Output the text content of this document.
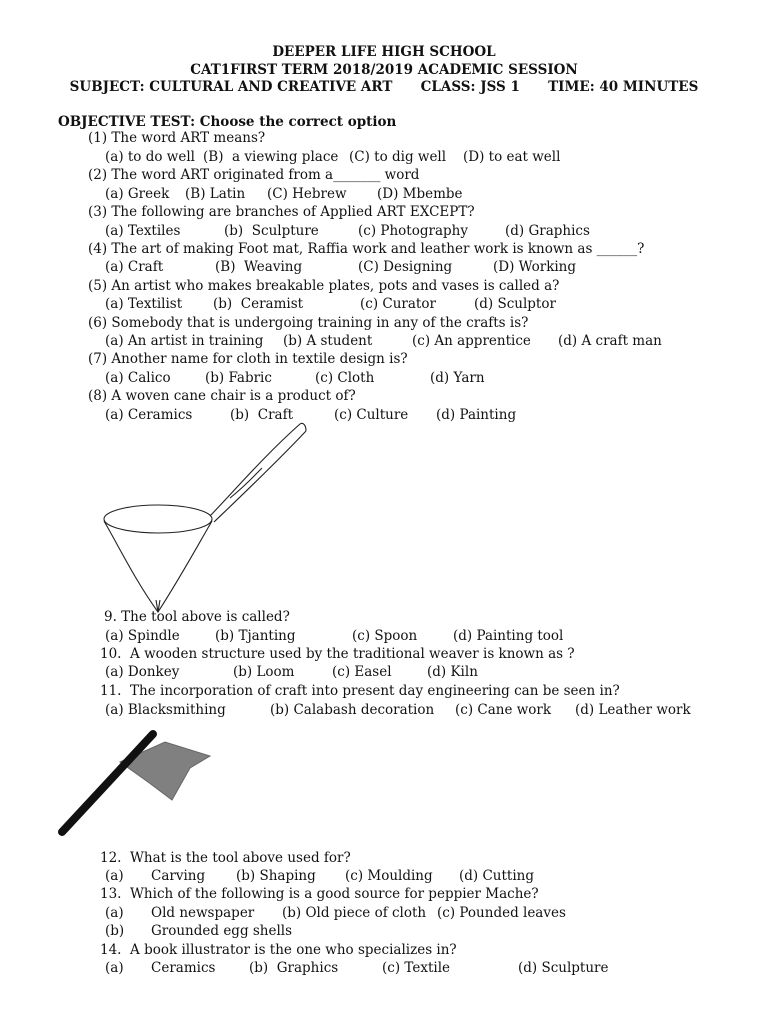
DEEPER LIFE HIGH SCHOOL
CAT1FIRST TERM 2018/2019 ACADEMIC SESSION
SUBJECT: CULTURAL AND CREATIVE ART      CLASS: JSS 1      TIME: 40 MINUTES
OBJECTIVE TEST: Choose the correct option
(1) The word ART means?
(a) to do well (B)  a viewing place (C) to dig well (D) to eat well
(2) The word ART originated from a_______ word
(a) Greek (B) Latin (C) Hebrew (D) Mbembe
(3) The following are branches of Applied ART EXCEPT?
(a) Textiles	(b)  Sculpture	(c) Photography	(d) Graphics
(4) The art of making Foot mat, Raffia work and leather work is known as ______?
(a) Craft	(B)  Weaving	(C) Designing	(D) Working
(5) An artist who makes breakable plates, pots and vases is called a?
(a) Textilist (b)  Ceramist	(c) Curator	(d) Sculptor
(6) Somebody that is undergoing training in any of the crafts is?
(a) An artist in training (b) A student	(c) An apprentice (d) A craft man
(7) Another name for cloth in textile design is?
(a) Calico	(b) Fabric	(c) Cloth	(d) Yarn
(8) A woven cane chair is a product of?
(a) Ceramics	(b)  Craft	(c) Culture (d) Painting
9. The tool above is called?
(a) Spindle	(b) Tjanting	(c) Spoon	(d) Painting tool
10.  A wooden structure used by the traditional weaver is known as ?
(a) Donkey	(b) Loom	(c) Easel	(d) Kiln
11.  The incorporation of craft into present day engineering can be seen in?
(a) Blacksmithing	(b) Calabash decoration (c) Cane work (d) Leather work
12.  What is the tool above used for?
(a) Carving (b) Shaping (c) Moulding (d) Cutting
13.  Which of the following is a good source for peppier Mache?
(a) Old newspaper (b) Old piece of cloth (c) Pounded leaves
(b) Grounded egg shells
14.  A book illustrator is the one who specializes in?
(a) Ceramics (b)  Graphics	(c) Textile	(d) Sculpture
